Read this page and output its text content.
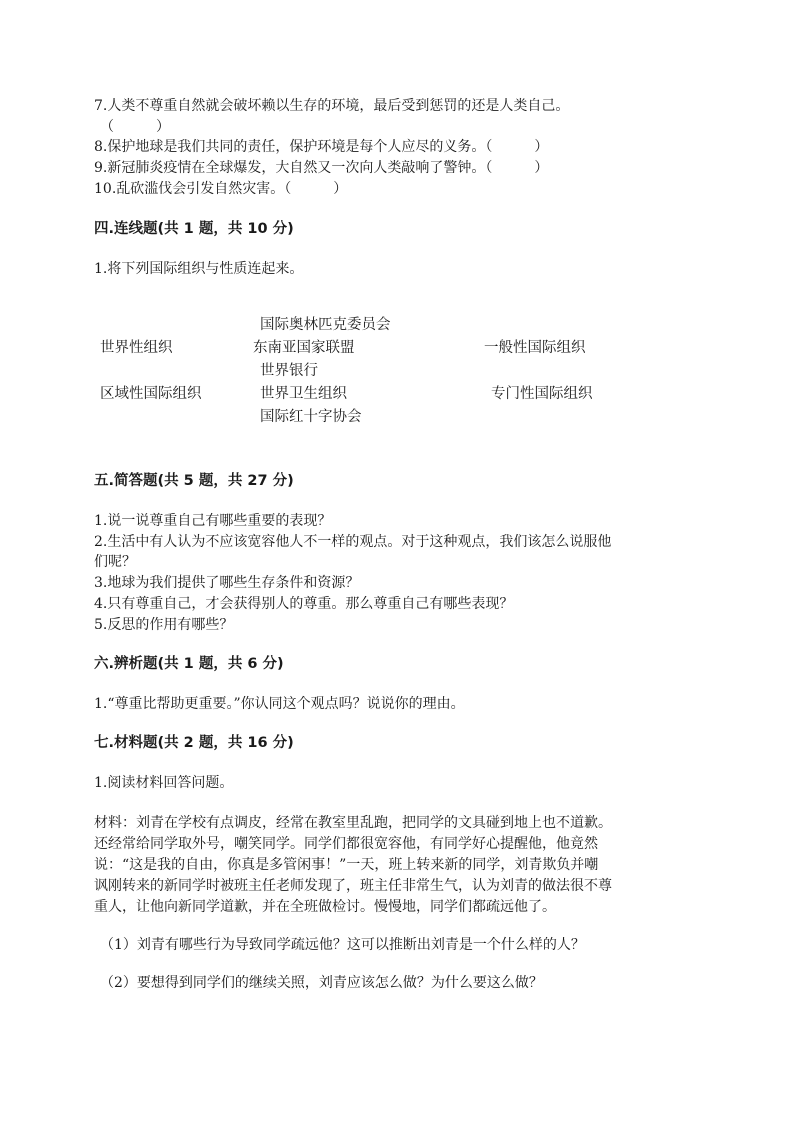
7.人类不尊重自然就会破坏赖以生存的环境，最后受到惩罚的还是人类自己。
（　　　）
8.保护地球是我们共同的责任，保护环境是每个人应尽的义务。（　　　）
9.新冠肺炎疫情在全球爆发，大自然又一次向人类敲响了警钟。（　　　）
10.乱砍滥伐会引发自然灾害。（　　　）
四.连线题(共 1 题，共 10 分)
1.将下列国际组织与性质连起来。
国际奥林匹克委员会
世界性组织	东南亚国家联盟	一般性国际组织
世界银行
区域性国际组织	世界卫生组织	专门性国际组织
国际红十字协会
五.简答题(共 5 题，共 27 分)
1.说一说尊重自己有哪些重要的表现？
2.生活中有人认为不应该宽容他人不一样的观点。对于这种观点，我们该怎么说服他
们呢？
3.地球为我们提供了哪些生存条件和资源？
4.只有尊重自己，才会获得别人的尊重。那么尊重自己有哪些表现？
5.反思的作用有哪些？
六.辨析题(共 1 题，共 6 分)
1.“尊重比帮助更重要。”你认同这个观点吗？说说你的理由。
七.材料题(共 2 题，共 16 分)
1.阅读材料回答问题。
材料：刘青在学校有点调皮，经常在教室里乱跑，把同学的文具碰到地上也不道歉。
还经常给同学取外号，嘲笑同学。同学们都很宽容他，有同学好心提醒他，他竟然
说：“这是我的自由，你真是多管闲事！”一天，班上转来新的同学，刘青欺负并嘲
讽刚转来的新同学时被班主任老师发现了，班主任非常生气，认为刘青的做法很不尊
重人，让他向新同学道歉，并在全班做检讨。慢慢地，同学们都疏远他了。
（1）刘青有哪些行为导致同学疏远他？这可以推断出刘青是一个什么样的人？
（2）要想得到同学们的继续关照，刘青应该怎么做？为什么要这么做？
